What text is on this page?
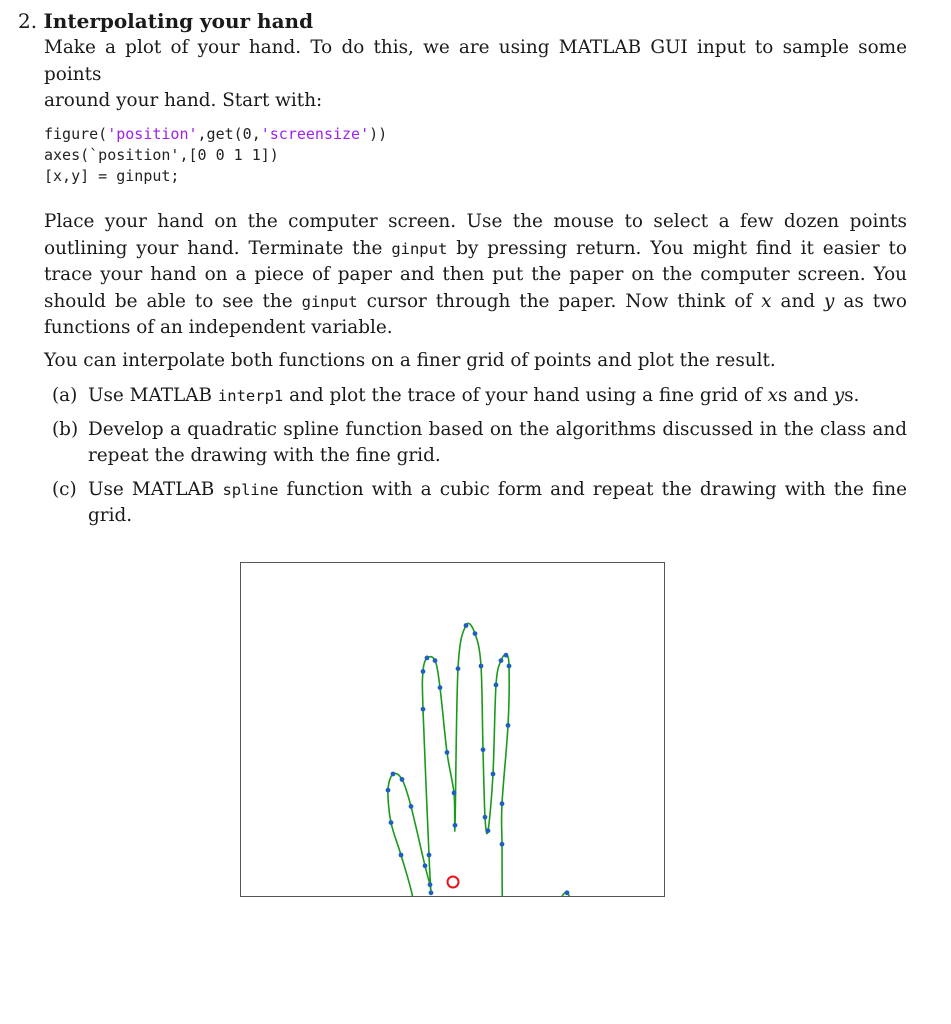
2. Interpolating your hand
Make a plot of your hand. To do this, we are using MATLAB GUI input to sample some points
around your hand. Start with:
figure('position',get(0,'screensize'))
axes(`position',[0 0 1 1])
[x,y] = ginput;
Place your hand on the computer screen. Use the mouse to select a few dozen points outlining your hand. Terminate the ginput by pressing return. You might find it easier to trace your hand on a piece of paper and then put the paper on the computer screen. You should be able to see the ginput cursor through the paper. Now think of x and y as two functions of an independent variable.
You can interpolate both functions on a finer grid of points and plot the result.
(a) Use MATLAB interp1 and plot the trace of your hand using a fine grid of xs and ys.
(b) Develop a quadratic spline function based on the algorithms discussed in the class and repeat the drawing with the fine grid.
(c) Use MATLAB spline function with a cubic form and repeat the drawing with the fine grid.
